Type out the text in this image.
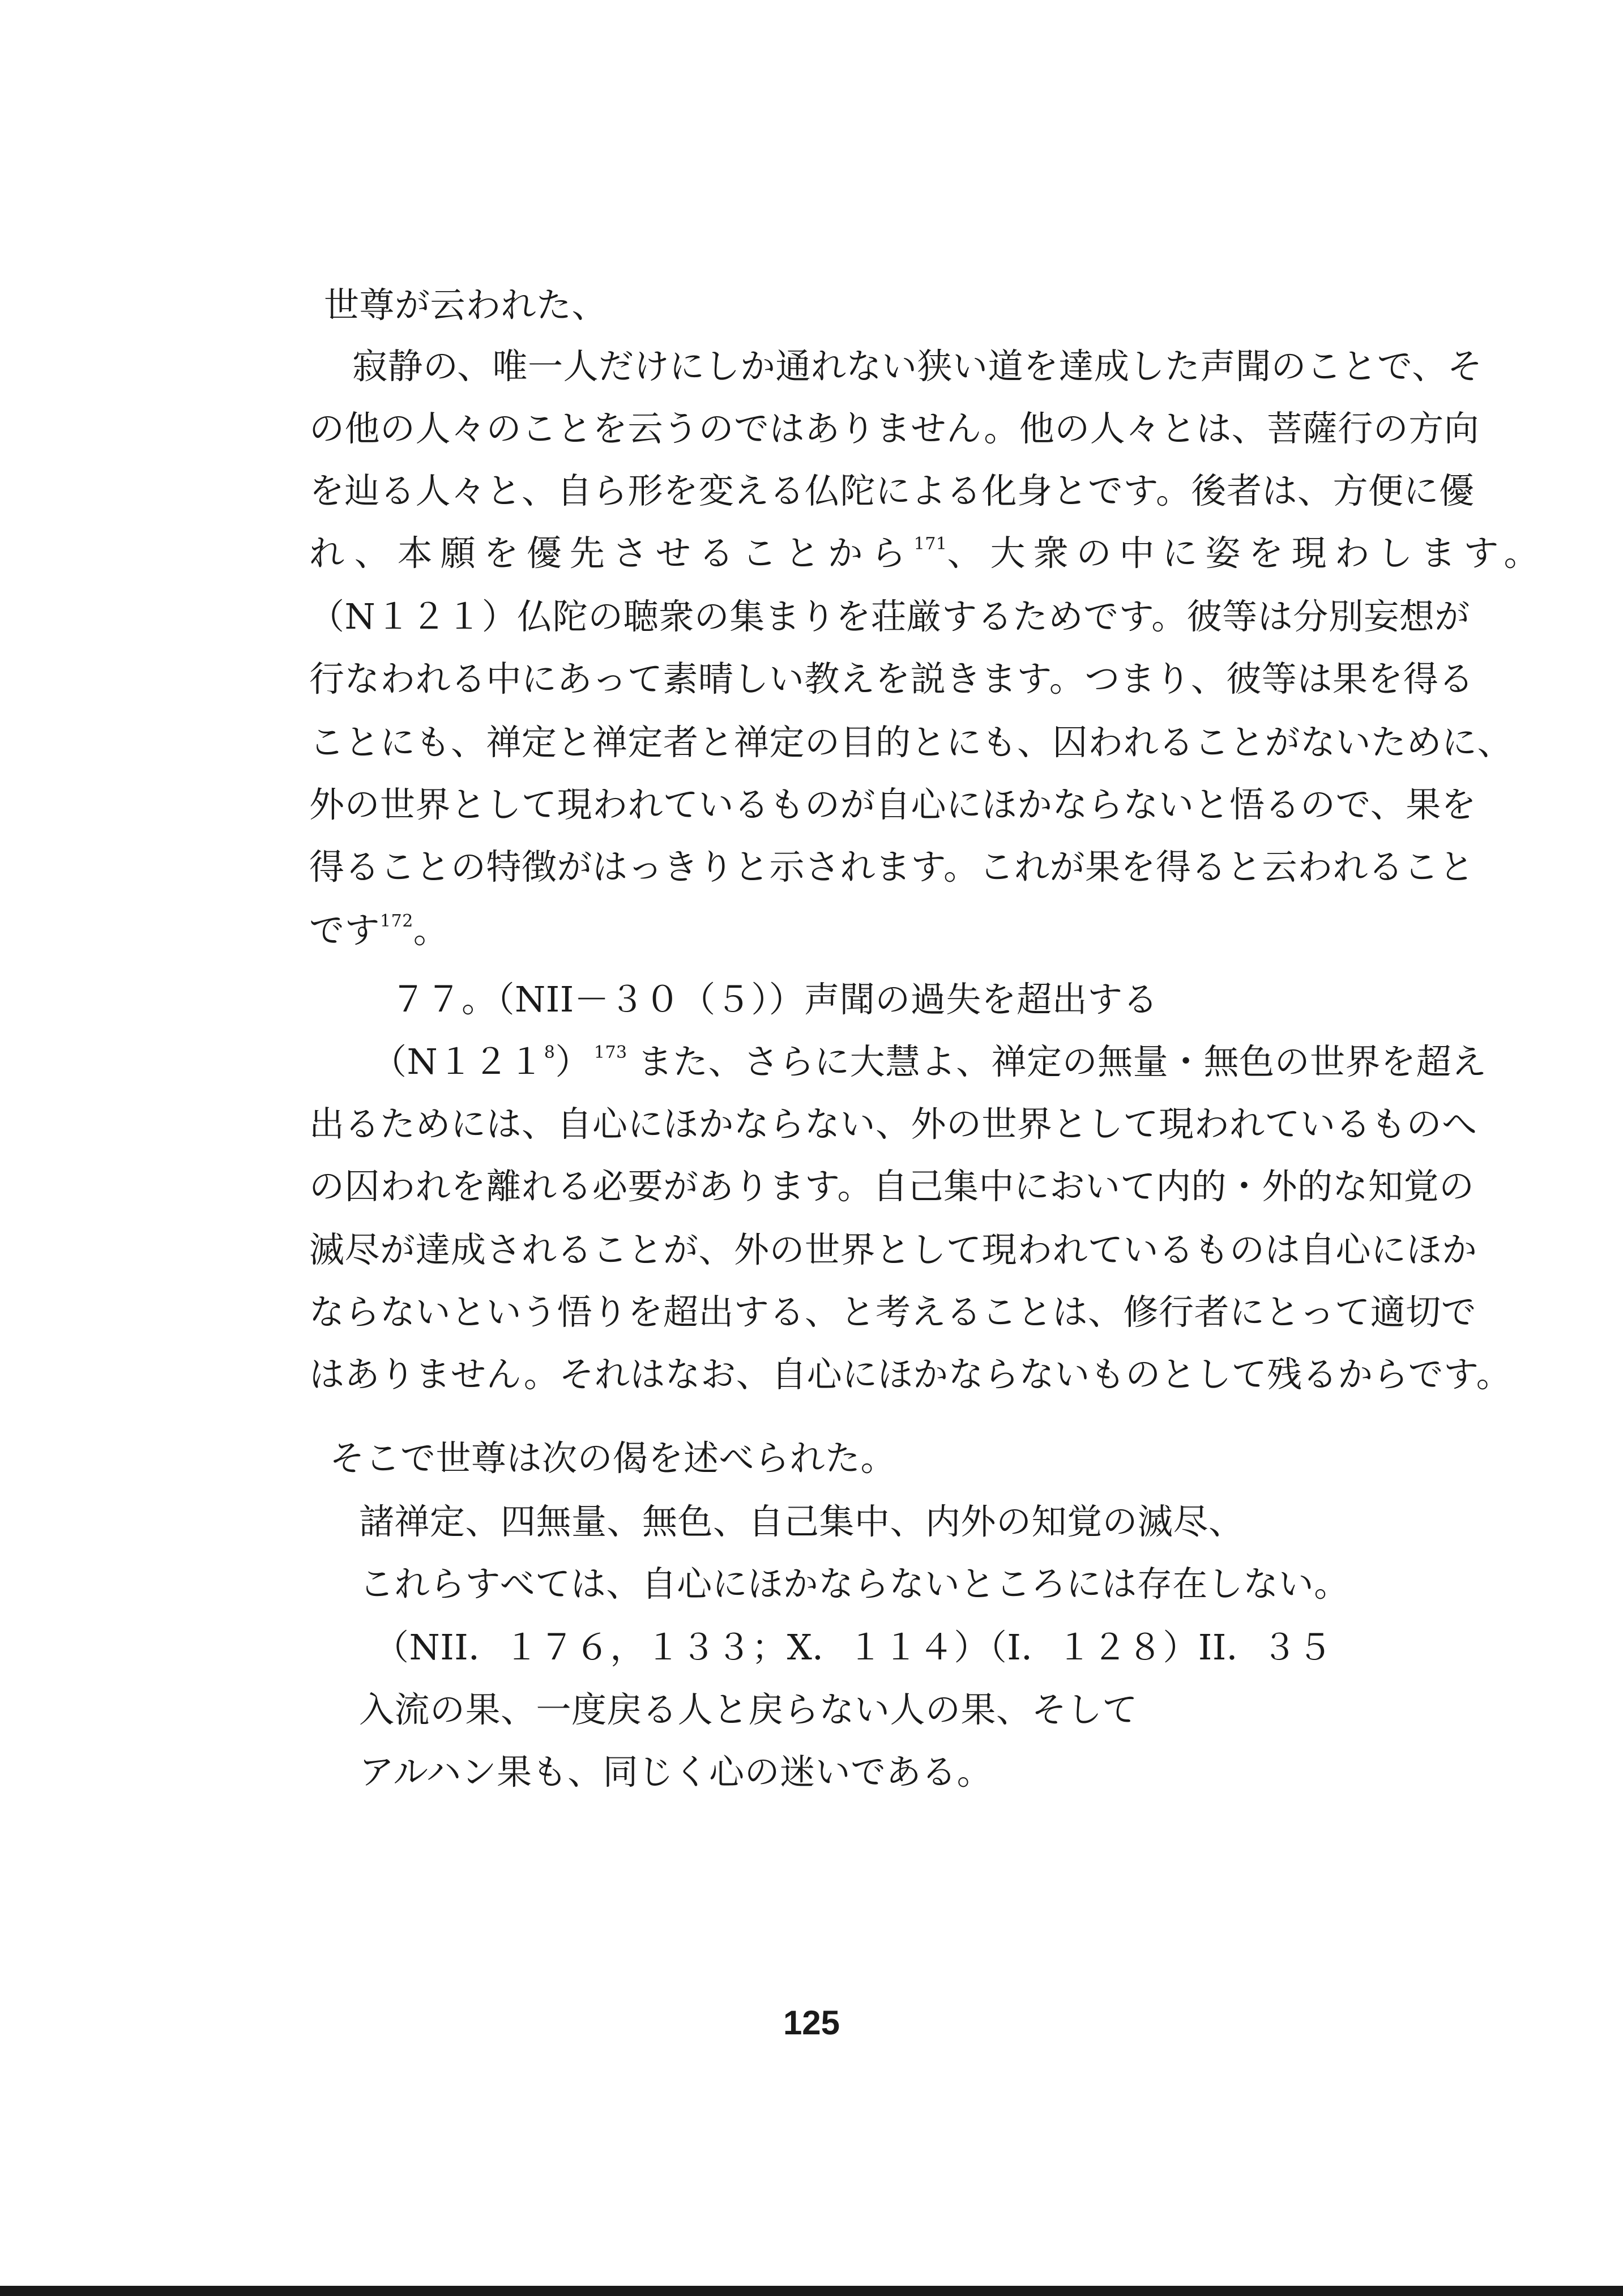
世尊が云われた、
寂静の、唯一人だけにしか通れない狭い道を達成した声聞のことで、そ
の他の人々のことを云うのではありません。他の人々とは、菩薩行の方向
を辿る人々と、自ら形を変える仏陀による化身とです。後者は、方便に優
れ、本願を優先させることから$^{171}$、大衆の中に姿を現わします。
（N１２１）仏陀の聴衆の集まりを荘厳するためです。彼等は分別妄想が
行なわれる中にあって素晴しい教えを説きます。つまり、彼等は果を得る
ことにも、禅定と禅定者と禅定の目的とにも、囚われることがないために、
外の世界として現われているものが自心にほかならないと悟るので、果を
得ることの特徴がはっきりと示されます。これが果を得ると云われること
です$^{172}$。
７７。（NII－３０（５））声聞の過失を超出する
$(N121^8)$ $^{173}$ また、さらに大慧よ、禅定の無量・無色の世界を超え
出るためには、自心にほかならない、外の世界として現われているものへ
の囚われを離れる必要があります。自己集中において内的・外的な知覚の
滅尽が達成されることが、外の世界として現われているものは自心にほか
ならないという悟りを超出する、と考えることは、修行者にとって適切で
はありません。それはなお、自心にほかならないものとして残るからです。
そこで世尊は次の偈を述べられた。
諸禅定、四無量、無色、自己集中、内外の知覚の滅尽、
これらすべては、自心にほかならないところには存在しない。
（NII．１７６，１３３；X．１１４）（I．１２８）II．３５
入流の果、一度戻る人と戻らない人の果、そして
アルハン果も、同じく心の迷いである。
125
